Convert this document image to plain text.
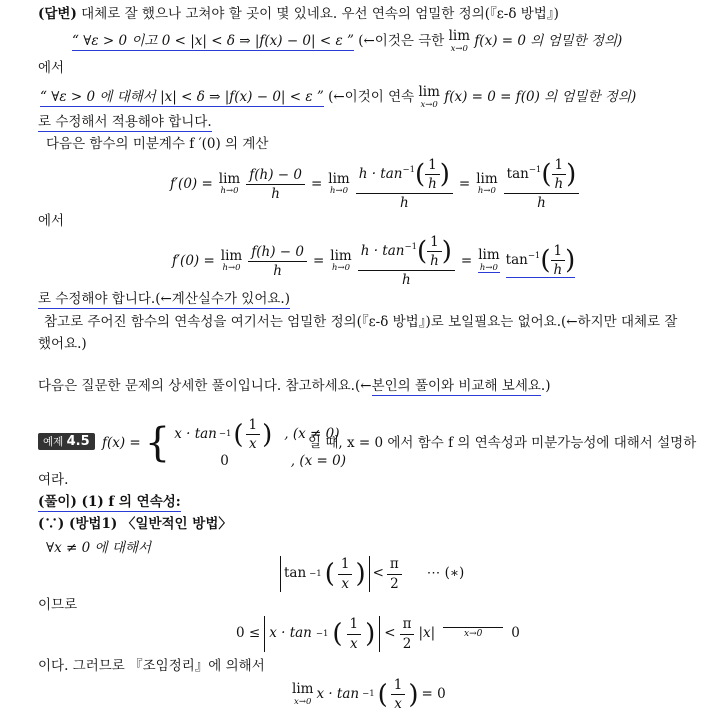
(답변) 대체로 잘 했으나 고쳐야 할 곳이 몇 있네요. 우선 연속의 엄밀한 정의(『ε-δ 방법』)
“ ∀ε > 0 이고 0 < |x| < δ ⇒ |f(x) − 0| < ε ” (←이것은 극한 lim
x→0 f(x) = 0 의 엄밀한 정의)
에서
“ ∀ε > 0 에 대해서 |x| < δ ⇒ |f(x) − 0| < ε ” (←이것이 연속 lim
x→0 f(x) = 0 = f(0) 의 엄밀한 정의)
로 수정해서 적용해야 합니다.
다음은 함수의 미분계수 f ′(0) 의 계산
f′(0) = lim
$h\to 0 \frac{f(h) - 0}{h} = \lim$
$h\to 0 \frac{h \cdot \tan^{-1}( \frac{1}{h} )}{h} = \lim$
$h\to 0 \frac{\tan^{-1}( \frac{1}{h} )}{h}$
에서
f′(0) = lim
$h\to 0 \frac{f(h) - 0}{h} = \lim$
$h\to 0 \frac{h \cdot \tan^{-1}( \frac{1}{h} )}{h} = \lim$
h→0 $\tan^{-1}( \frac{1}{h}$ )
로 수정해야 합니다.(←계산실수가 있어요.)
참고로 주어진 함수의 연속성을 여기서는 엄밀한 정의(『ε-δ 방법』)로 보일필요는 없어요.(←하지만 대체로 잘
했어요.)
다음은 질문한 문제의 상세한 풀이입니다. 참고하세요.(←본인의 풀이와 비교해 보세요.)
예제 4.5 f(x) = { x · tan −1 ( $\frac{1}{x}$ ) , (x ≠ 0)
0	, (x = 0)
일 때, x = 0 에서 함수 f 의 연속성과 미분가능성에 대해서 설명하
여라.
(풀이) (1) f 의 연속성:
(∵) (방법1) 〈일반적인 방법〉
∀x ≠ 0 에 대해서
tan −1 ( $\frac{1}{x}$ ) < $\frac{\pi}{2}$ ⋯ (∗)
이므로
0 ≤ x · tan −1 ( $\frac{1}{x}$ ) < $\frac{\pi}{2} |x|$	x→0 0
이다. 그러므로 『조임정리』에 의해서
lim
x→0 x · tan −1 ( $\frac{1}{x}$ ) = 0
